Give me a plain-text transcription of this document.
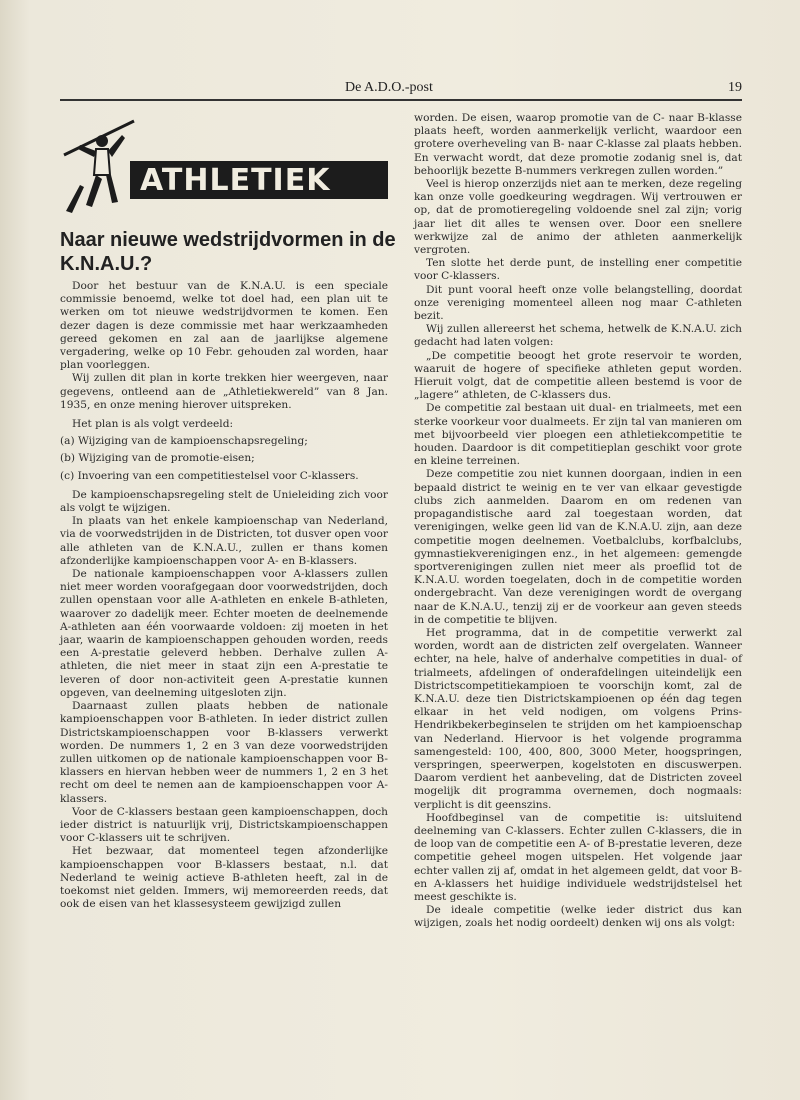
De A.D.O.-post	19
ATHLETIEK
Naar nieuwe wedstrijdvormen in de K.N.A.U.?

Door het bestuur van de K.N.A.U. is een speciale commissie benoemd, welke tot doel had, een plan uit te werken om tot nieuwe wedstrijdvormen te komen. Een dezer dagen is deze commissie met haar werkzaamheden gereed gekomen en zal aan de jaarlijkse algemene vergadering, welke op 10 Febr. gehouden zal worden, haar plan voorleggen.

Wij zullen dit plan in korte trekken hier weergeven, naar gegevens, ontleend aan de „Athletiekwereld” van 8 Jan. 1935, en onze mening hierover uitspreken.

Het plan is als volgt verdeeld:
(a) Wijziging van de kampioenschapsregeling;
(b) Wijziging van de promotie-eisen;
(c) Invoering van een competitiestelsel voor C-klassers.

De kampioenschapsregeling stelt de Unieleiding zich voor als volgt te wijzigen.

In plaats van het enkele kampioenschap van Nederland, via de voorwedstrijden in de Districten, tot dusver open voor alle athleten van de K.N.A.U., zullen er thans komen afzonderlijke kampioenschappen voor A- en B-klassers.

De nationale kampioenschappen voor A-klassers zullen niet meer worden voorafgegaan door voorwedstrijden, doch zullen openstaan voor alle A-athleten en enkele B-athleten, waarover zo dadelijk meer. Echter moeten de deelnemende A-athleten aan één voorwaarde voldoen: zij moeten in het jaar, waarin de kampioenschappen gehouden worden, reeds een A-prestatie geleverd hebben. Derhalve zullen A-athleten, die niet meer in staat zijn een A-prestatie te leveren of door non-activiteit geen A-prestatie kunnen opgeven, van deelneming uitgesloten zijn.

Daarnaast zullen plaats hebben de nationale kampioenschappen voor B-athleten. In ieder district zullen Districtskampioenschappen voor B-klassers verwerkt worden. De nummers 1, 2 en 3 van deze voorwedstrijden zullen uitkomen op de nationale kampioenschappen voor B-klassers en hiervan hebben weer de nummers 1, 2 en 3 het recht om deel te nemen aan de kampioenschappen voor A-klassers.

Voor de C-klassers bestaan geen kampioenschappen, doch ieder district is natuurlijk vrij, Districtskampioenschappen voor C-klassers uit te schrijven.

Het bezwaar, dat momenteel tegen afzonderlijke kampioenschappen voor B-klassers bestaat, n.l. dat Nederland te weinig actieve B-athleten heeft, zal in de toekomst niet gelden. Immers, wij memoreerden reeds, dat ook de eisen van het klassesysteem gewijzigd zullen

worden. De eisen, waarop promotie van de C- naar B-klasse plaats heeft, worden aanmerkelijk verlicht, waardoor een grotere overheveling van B- naar C-klasse zal plaats hebben. En verwacht wordt, dat deze promotie zodanig snel is, dat behoorlijk bezette B-nummers verkregen zullen worden.”

Veel is hierop onzerzijds niet aan te merken, deze regeling kan onze volle goedkeuring wegdragen. Wij vertrouwen er op, dat de promotieregeling voldoende snel zal zijn; vorig jaar liet dit alles te wensen over. Door een snellere werkwijze zal de animo der athleten aanmerkelijk vergroten.

Ten slotte het derde punt, de instelling ener competitie voor C-klassers.

Dit punt vooral heeft onze volle belangstelling, doordat onze vereniging momenteel alleen nog maar C-athleten bezit.

Wij zullen allereerst het schema, hetwelk de K.N.A.U. zich gedacht had laten volgen:

„De competitie beoogt het grote reservoir te worden, waaruit de hogere of specifieke athleten geput worden. Hieruit volgt, dat de competitie alleen bestemd is voor de „lagere” athleten, de C-klassers dus.

De competitie zal bestaan uit dual- en trialmeets, met een sterke voorkeur voor dualmeets. Er zijn tal van manieren om met bijvoorbeeld vier ploegen een athletiekcompetitie te houden. Daardoor is dit competitieplan geschikt voor grote en kleine terreinen.

Deze competitie zou niet kunnen doorgaan, indien in een bepaald district te weinig en te ver van elkaar gevestigde clubs zich aanmelden. Daarom en om redenen van propagandistische aard zal toegestaan worden, dat verenigingen, welke geen lid van de K.N.A.U. zijn, aan deze competitie mogen deelnemen. Voetbalclubs, korfbalclubs, gymnastiekverenigingen enz., in het algemeen: gemengde sportverenigingen zullen niet meer als proeflid tot de K.N.A.U. worden toegelaten, doch in de competitie worden ondergebracht. Van deze verenigingen wordt de overgang naar de K.N.A.U., tenzij zij er de voorkeur aan geven steeds in de competitie te blijven.

Het programma, dat in de competitie verwerkt zal worden, wordt aan de districten zelf overgelaten. Wanneer echter, na hele, halve of anderhalve competities in dual- of trialmeets, afdelingen of onderafdelingen uiteindelijk een Districtscompetitiekampioen te voorschijn komt, zal de K.N.A.U. deze tien Districtskampioenen op één dag tegen elkaar in het veld nodigen, om volgens Prins-Hendrikbekerbeginselen te strijden om het kampioenschap van Nederland. Hiervoor is het volgende programma samengesteld: 100, 400, 800, 3000 Meter, hoogspringen, verspringen, speerwerpen, kogelstoten en discuswerpen. Daarom verdient het aanbeveling, dat de Districten zoveel mogelijk dit programma overnemen, doch nogmaals: verplicht is dit geenszins.

Hoofdbeginsel van de competitie is: uitsluitend deelneming van C-klassers. Echter zullen C-klassers, die in de loop van de competitie een A- of B-prestatie leveren, deze competitie geheel mogen uitspelen. Het volgende jaar echter vallen zij af, omdat in het algemeen geldt, dat voor B- en A-klassers het huidige individuele wedstrijdstelsel het meest geschikte is.

De ideale competitie (welke ieder district dus kan wijzigen, zoals het nodig oordeelt) denken wij ons als volgt:
